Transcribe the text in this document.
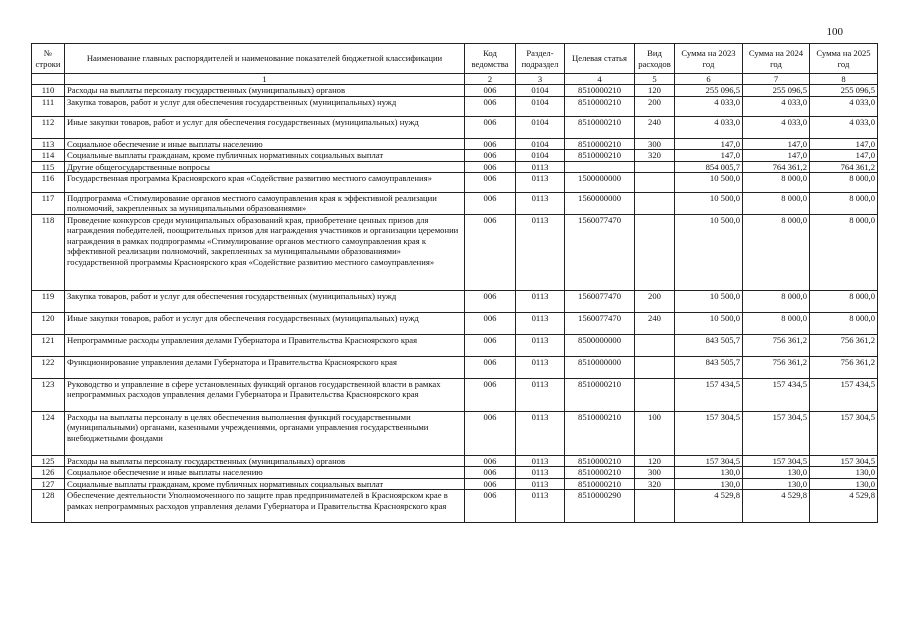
100
№ строки	Наименование главных распорядителей и наименование показателей бюджетной классификации	Код ведомства	Раздел-подраздел	Целевая статья	Вид расходов	Сумма на 2023 год	Сумма на 2024 год	Сумма на 2025 год
	1	2	3	4	5	6	7	8
110	Расходы на выплаты персоналу государственных (муниципальных) органов	006	0104	8510000210	120	255 096,5	255 096,5	255 096,5
111	Закупка товаров, работ и услуг для обеспечения государственных (муниципальных) нужд	006	0104	8510000210	200	4 033,0	4 033,0	4 033,0
112	Иные закупки товаров, работ и услуг для обеспечения государственных (муниципальных) нужд	006	0104	8510000210	240	4 033,0	4 033,0	4 033,0
113	Социальное обеспечение и иные выплаты населению	006	0104	8510000210	300	147,0	147,0	147,0
114	Социальные выплаты гражданам, кроме публичных нормативных социальных выплат	006	0104	8510000210	320	147,0	147,0	147,0
115	Другие общегосударственные вопросы	006	0113			854 005,7	764 361,2	764 361,2
116	Государственная программа Красноярского края «Содействие развитию местного самоуправления»	006	0113	1500000000		10 500,0	8 000,0	8 000,0
117	Подпрограмма «Стимулирование органов местного самоуправления края к эффективной реализации полномочий, закрепленных за муниципальными образованиями»	006	0113	1560000000		10 500,0	8 000,0	8 000,0
118	Проведение конкурсов среди муниципальных образований края, приобретение ценных призов для награждения победителей, поощрительных призов для награждения участников и организации церемонии награждения в рамках подпрограммы «Стимулирование органов местного самоуправления края к эффективной реализации полномочий, закрепленных за муниципальными образованиями» государственной программы Красноярского края «Содействие развитию местного самоуправления»	006	0113	1560077470		10 500,0	8 000,0	8 000,0
119	Закупка товаров, работ и услуг для обеспечения государственных (муниципальных) нужд	006	0113	1560077470	200	10 500,0	8 000,0	8 000,0
120	Иные закупки товаров, работ и услуг для обеспечения государственных (муниципальных) нужд	006	0113	1560077470	240	10 500,0	8 000,0	8 000,0
121	Непрограммные расходы управления делами Губернатора и Правительства Красноярского края	006	0113	8500000000		843 505,7	756 361,2	756 361,2
122	Функционирование управления делами Губернатора и Правительства Красноярского края	006	0113	8510000000		843 505,7	756 361,2	756 361,2
123	Руководство и управление в сфере установленных функций органов государственной власти в рамках непрограммных расходов управления делами Губернатора и Правительства Красноярского края	006	0113	8510000210		157 434,5	157 434,5	157 434,5
124	Расходы на выплаты персоналу в целях обеспечения выполнения функций государственными (муниципальными) органами, казенными учреждениями, органами управления государственными внебюджетными фондами	006	0113	8510000210	100	157 304,5	157 304,5	157 304,5
125	Расходы на выплаты персоналу государственных (муниципальных) органов	006	0113	8510000210	120	157 304,5	157 304,5	157 304,5
126	Социальное обеспечение и иные выплаты населению	006	0113	8510000210	300	130,0	130,0	130,0
127	Социальные выплаты гражданам, кроме публичных нормативных социальных выплат	006	0113	8510000210	320	130,0	130,0	130,0
128	Обеспечение деятельности Уполномоченного по защите прав предпринимателей в Красноярском крае в рамках непрограммных расходов управления делами Губернатора и Правительства Красноярского края	006	0113	8510000290		4 529,8	4 529,8	4 529,8
